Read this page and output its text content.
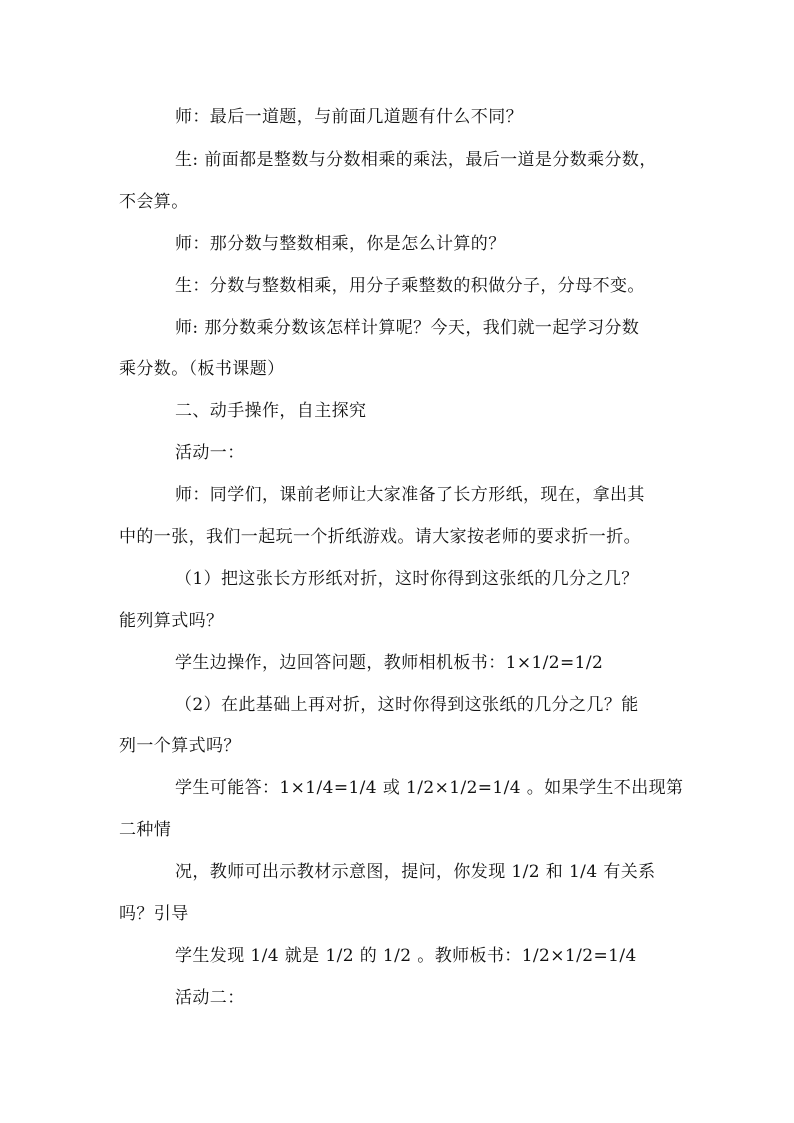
师：最后一道题，与前面几道题有什么不同？
生: 前面都是整数与分数相乘的乘法，最后一道是分数乘分数，
不会算。
师：那分数与整数相乘，你是怎么计算的？
生：分数与整数相乘，用分子乘整数的积做分子，分母不变。
师: 那分数乘分数该怎样计算呢？今天，我们就一起学习分数
乘分数。（板书课题）
二、动手操作，自主探究
活动一：
师：同学们，课前老师让大家准备了长方形纸，现在，拿出其
中的一张，我们一起玩一个折纸游戏。请大家按老师的要求折一折。
（1）把这张长方形纸对折，这时你得到这张纸的几分之几？
能列算式吗？
学生边操作，边回答问题，教师相机板书：1×1/2=1/2
（2）在此基础上再对折，这时你得到这张纸的几分之几？能
列一个算式吗？
学生可能答：1×1/4=1/4 或 1/2×1/2=1/4 。如果学生不出现第
二种情
况，教师可出示教材示意图，提问，你发现 1/2 和 1/4 有关系
吗？引导
学生发现 1/4 就是 1/2 的 1/2 。教师板书：1/2×1/2=1/4
活动二：
